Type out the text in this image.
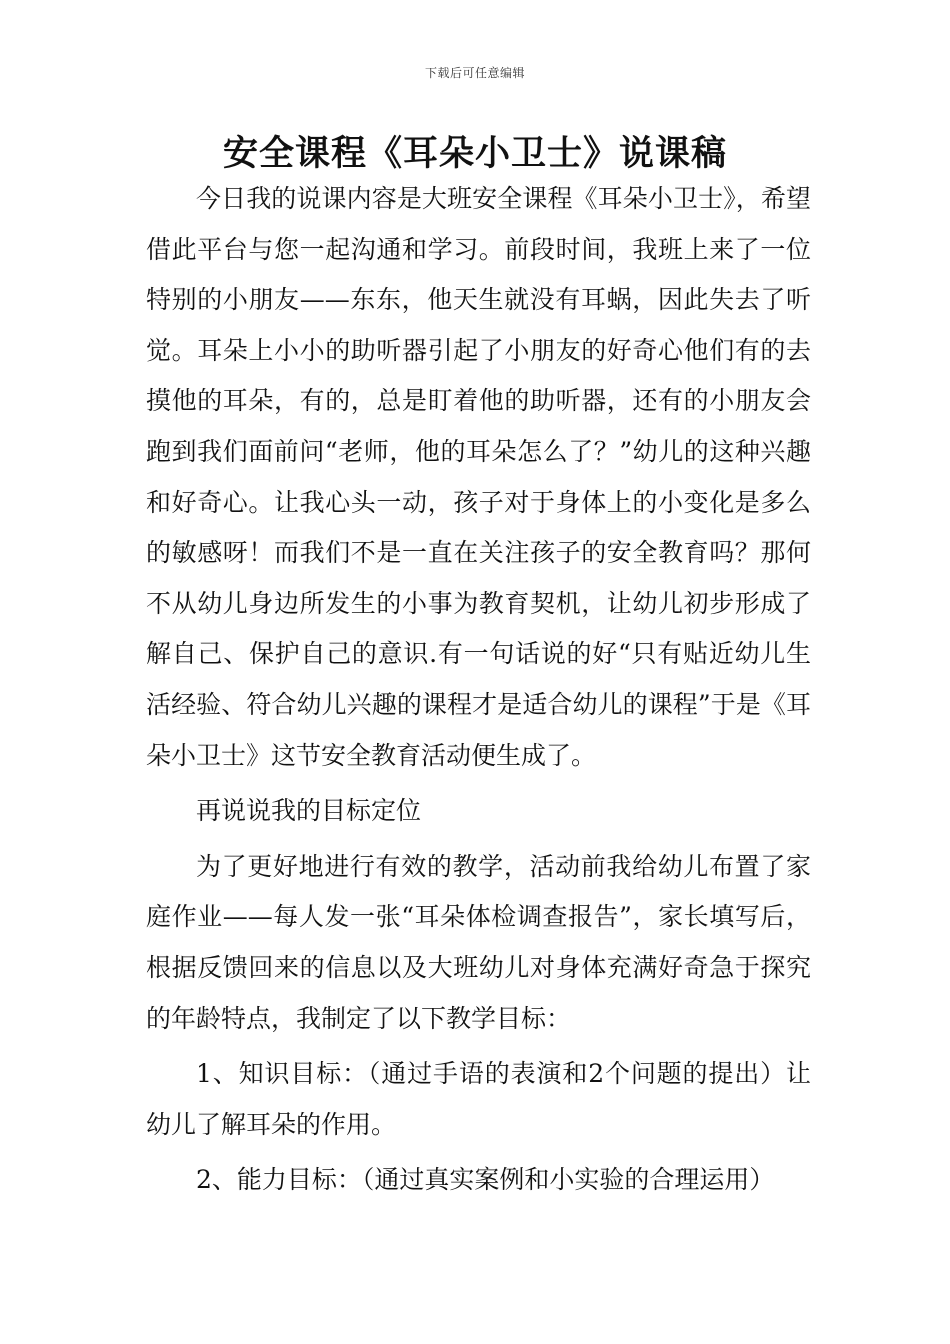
下载后可任意编辑
安全课程《耳朵小卫士》说课稿

今日我的说课内容是大班安全课程《耳朵小卫士》，希望借此平台与您一起沟通和学习。前段时间，我班上来了一位特别的小朋友——东东，他天生就没有耳蜗，因此失去了听觉。耳朵上小小的助听器引起了小朋友的好奇心他们有的去摸他的耳朵，有的，总是盯着他的助听器，还有的小朋友会跑到我们面前问“老师，他的耳朵怎么了？”幼儿的这种兴趣和好奇心。让我心头一动，孩子对于身体上的小变化是多么的敏感呀！而我们不是一直在关注孩子的安全教育吗？那何不从幼儿身边所发生的小事为教育契机，让幼儿初步形成了解自己、保护自己的意识.有一句话说的好“只有贴近幼儿生活经验、符合幼儿兴趣的课程才是适合幼儿的课程”于是《耳朵小卫士》这节安全教育活动便生成了。

再说说我的目标定位

为了更好地进行有效的教学，活动前我给幼儿布置了家庭作业——每人发一张“耳朵体检调查报告”，家长填写后，根据反馈回来的信息以及大班幼儿对身体充满好奇急于探究的年龄特点，我制定了以下教学目标：

1、知识目标：（通过手语的表演和2个问题的提出）让幼儿了解耳朵的作用。

2、能力目标：（通过真实案例和小实验的合理运用）
